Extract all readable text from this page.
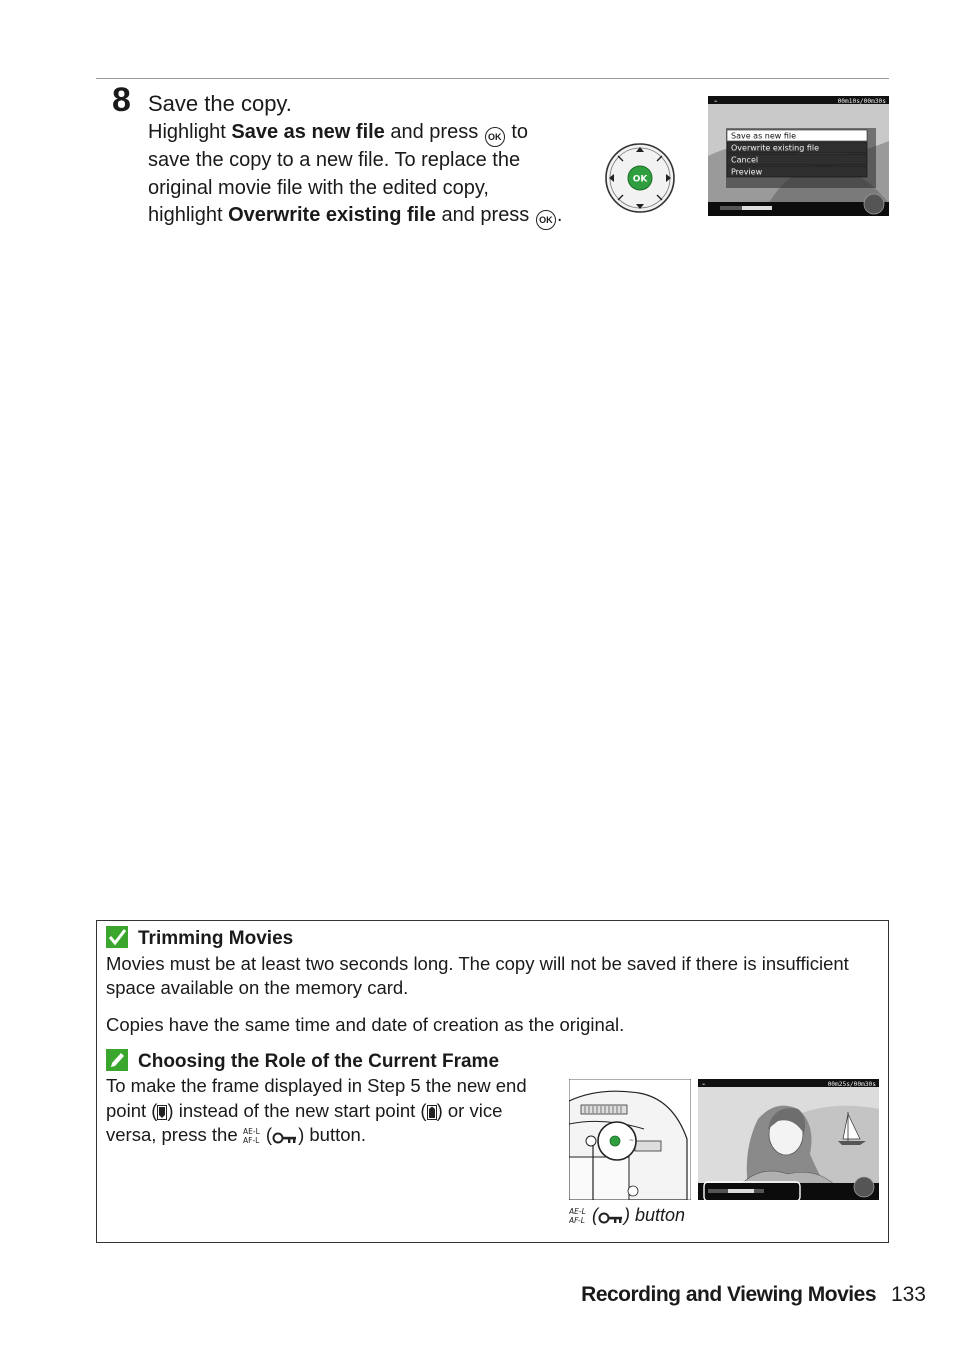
8 Save the copy.
Highlight Save as new file and press OK to save the copy to a new file. To replace the original movie file with the edited copy, highlight Overwrite existing file and press OK .
OK
⌁	00m10s/00m30s
Save as new file
Overwrite existing file
Cancel
Preview
Trimming Movies
Movies must be at least two seconds long. The copy will not be saved if there is insufficient space available on the memory card.
Copies have the same time and date of creation as the original.
Choosing the Role of the Current Frame
To make the frame displayed in Step 5 the new end point ( ) instead of the new start point ( ) or vice versa, press the AE-L
AF-L ( ) button.	~
⌁	00m25s/00m30s
AE-L
AF-L ( ) button
Recording and Viewing Movies 133
